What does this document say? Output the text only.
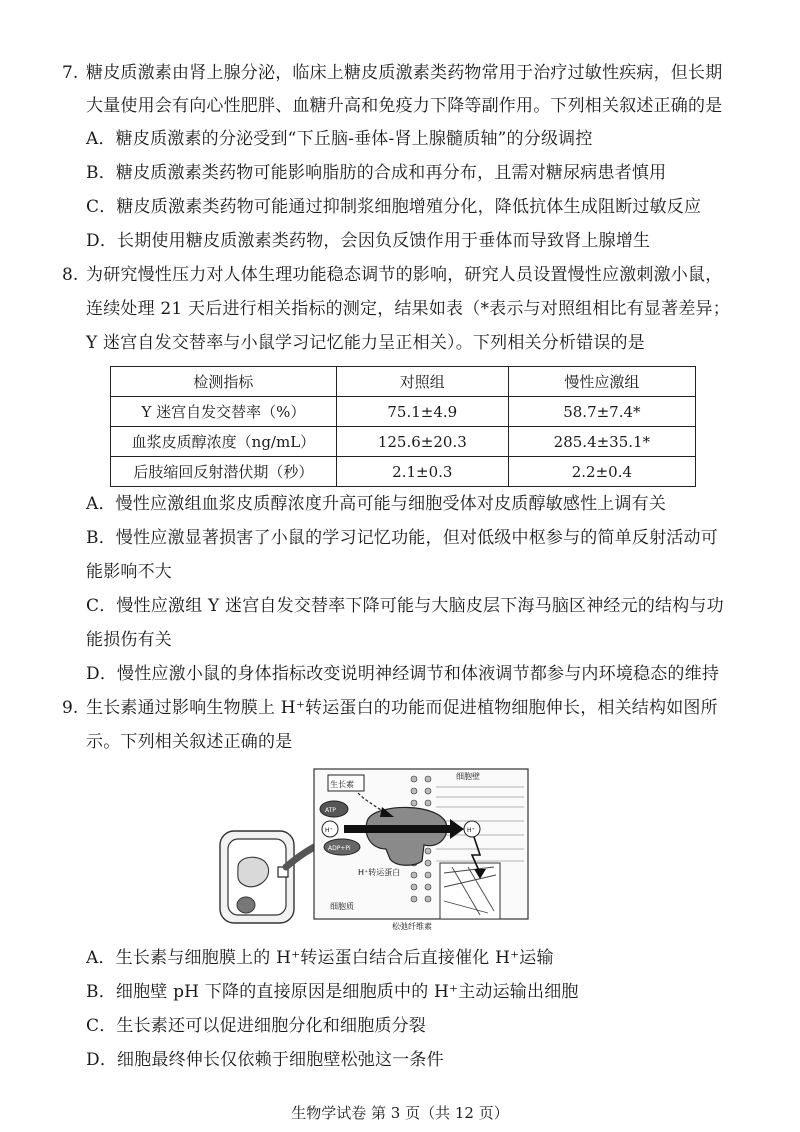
7. 糖皮质激素由肾上腺分泌，临床上糖皮质激素类药物常用于治疗过敏性疾病，但长期
大量使用会有向心性肥胖、血糖升高和免疫力下降等副作用。下列相关叙述正确的是
A．糖皮质激素的分泌受到“下丘脑-垂体-肾上腺髓质轴”的分级调控
B．糖皮质激素类药物可能影响脂肪的合成和再分布，且需对糖尿病患者慎用
C．糖皮质激素类药物可能通过抑制浆细胞增殖分化，降低抗体生成阻断过敏反应
D．长期使用糖皮质激素类药物，会因负反馈作用于垂体而导致肾上腺增生
8. 为研究慢性压力对人体生理功能稳态调节的影响，研究人员设置慢性应激刺激小鼠，
连续处理 21 天后进行相关指标的测定，结果如表（*表示与对照组相比有显著差异；
Y 迷宫自发交替率与小鼠学习记忆能力呈正相关）。下列相关分析错误的是
检测指标	对照组	慢性应激组
Y 迷宫自发交替率（%）	75.1±4.9	58.7±7.4*
血浆皮质醇浓度（ng/mL）	125.6±20.3	285.4±35.1*
后肢缩回反射潜伏期（秒）	2.1±0.3	2.2±0.4
A．慢性应激组血浆皮质醇浓度升高可能与细胞受体对皮质醇敏感性上调有关
B．慢性应激显著损害了小鼠的学习记忆功能，但对低级中枢参与的简单反射活动可
能影响不大
C．慢性应激组 Y 迷宫自发交替率下降可能与大脑皮层下海马脑区神经元的结构与功
能损伤有关
D．慢性应激小鼠的身体指标改变说明神经调节和体液调节都参与内环境稳态的维持
9. 生长素通过影响生物膜上 H⁺转运蛋白的功能而促进植物细胞伸长，相关结构如图所
示。下列相关叙述正确的是
生长素
细胞壁
ATP
H⁺
ADP+Pi
H⁺
H⁺转运蛋白
细胞质
松弛纤维素
A．生长素与细胞膜上的 H⁺转运蛋白结合后直接催化 H⁺运输
B．细胞壁 pH 下降的直接原因是细胞质中的 H⁺主动运输出细胞
C．生长素还可以促进细胞分化和细胞质分裂
D．细胞最终伸长仅依赖于细胞壁松弛这一条件
生物学试卷 第 3 页（共 12 页）
